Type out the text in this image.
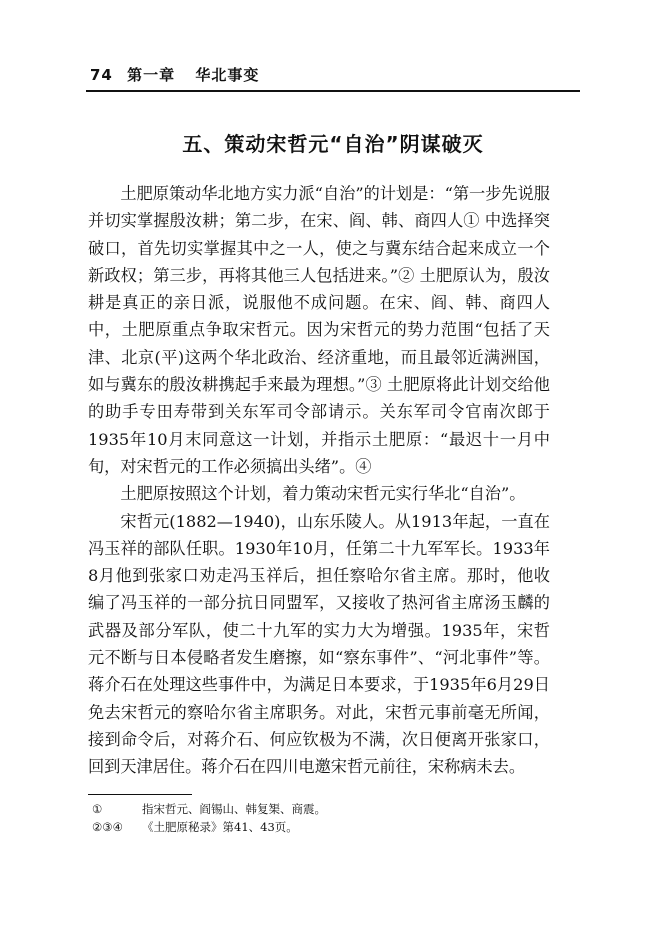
74 第一章 华北事变
五、策动宋哲元“自治”阴谋破灭

土肥原策动华北地方实力派“自治”的计划是：“第一步先说服并切实掌握殷汝耕；第二步，在宋、阎、韩、商四人① 中选择突破口，首先切实掌握其中之一人，使之与冀东结合起来成立一个新政权；第三步，再将其他三人包括进来。”② 土肥原认为，殷汝耕是真正的亲日派，说服他不成问题。在宋、阎、韩、商四人中，土肥原重点争取宋哲元。因为宋哲元的势力范围“包括了天津、北京(平)这两个华北政治、经济重地，而且最邻近满洲国，如与冀东的殷汝耕携起手来最为理想。”③ 土肥原将此计划交给他的助手专田寿带到关东军司令部请示。关东军司令官南次郎于1935年10月末同意这一计划，并指示土肥原：“最迟十一月中旬，对宋哲元的工作必须搞出头绪”。④

土肥原按照这个计划，着力策动宋哲元实行华北“自治”。

宋哲元(1882—1940)，山东乐陵人。从1913年起，一直在冯玉祥的部队任职。1930年10月，任第二十九军军长。1933年8月他到张家口劝走冯玉祥后，担任察哈尔省主席。那时，他收编了冯玉祥的一部分抗日同盟军，又接收了热河省主席汤玉麟的武器及部分军队，使二十九军的实力大为增强。1935年，宋哲元不断与日本侵略者发生磨擦，如“察东事件”、“河北事件”等。蒋介石在处理这些事件中，为满足日本要求，于1935年6月29日免去宋哲元的察哈尔省主席职务。对此，宋哲元事前毫无所闻，接到命令后，对蒋介石、何应钦极为不满，次日便离开张家口，回到天津居住。蒋介石在四川电邀宋哲元前往，宋称病未去。

①	指宋哲元、阎锡山、韩复榘、商震。
②③④ 《土肥原秘录》第41、43页。
